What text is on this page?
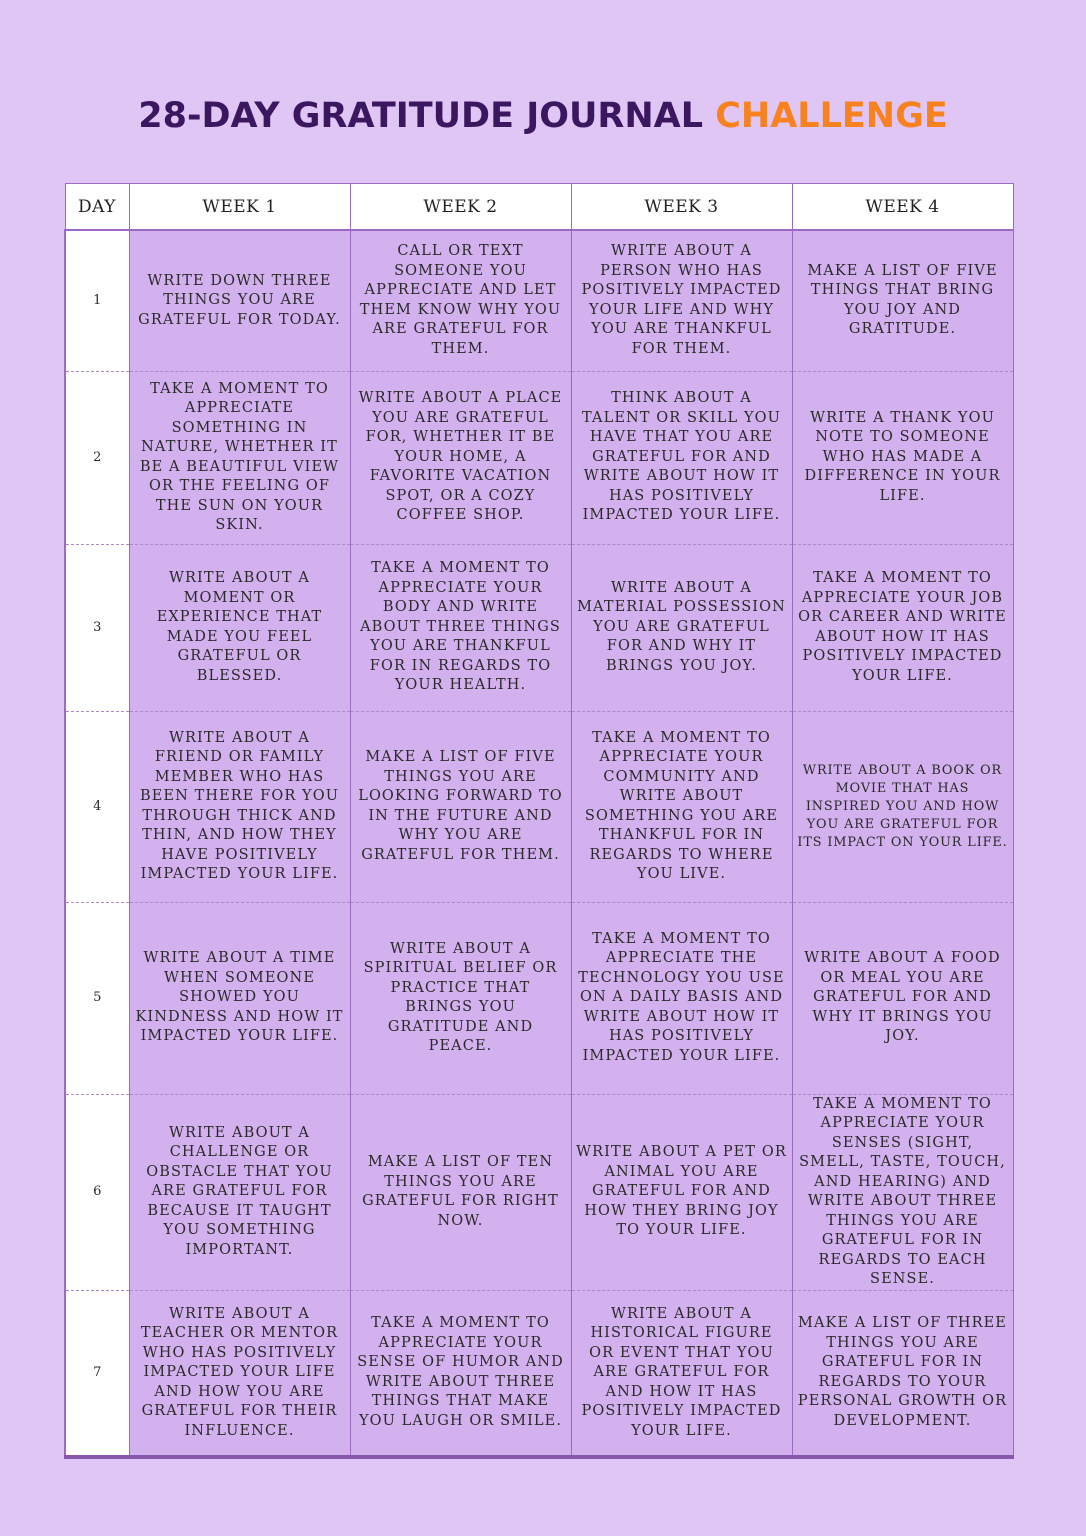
28-DAY GRATITUDE JOURNAL CHALLENGE
DAY	WEEK 1	WEEK 2	WEEK 3	WEEK 4
1	WRITE DOWN THREE THINGS YOU ARE GRATEFUL FOR TODAY.	CALL OR TEXT SOMEONE YOU APPRECIATE AND LET THEM KNOW WHY YOU ARE GRATEFUL FOR THEM.	WRITE ABOUT A PERSON WHO HAS POSITIVELY IMPACTED YOUR LIFE AND WHY YOU ARE THANKFUL FOR THEM.	MAKE A LIST OF FIVE THINGS THAT BRING YOU JOY AND GRATITUDE.
2	TAKE A MOMENT TO APPRECIATE SOMETHING IN NATURE, WHETHER IT BE A BEAUTIFUL VIEW OR THE FEELING OF THE SUN ON YOUR SKIN.	WRITE ABOUT A PLACE YOU ARE GRATEFUL FOR, WHETHER IT BE YOUR HOME, A FAVORITE VACATION SPOT, OR A COZY COFFEE SHOP.	THINK ABOUT A TALENT OR SKILL YOU HAVE THAT YOU ARE GRATEFUL FOR AND WRITE ABOUT HOW IT HAS POSITIVELY IMPACTED YOUR LIFE.	WRITE A THANK YOU NOTE TO SOMEONE WHO HAS MADE A DIFFERENCE IN YOUR LIFE.
3	WRITE ABOUT A MOMENT OR EXPERIENCE THAT MADE YOU FEEL GRATEFUL OR BLESSED.	TAKE A MOMENT TO APPRECIATE YOUR BODY AND WRITE ABOUT THREE THINGS YOU ARE THANKFUL FOR IN REGARDS TO YOUR HEALTH.	WRITE ABOUT A MATERIAL POSSESSION YOU ARE GRATEFUL FOR AND WHY IT BRINGS YOU JOY.	TAKE A MOMENT TO APPRECIATE YOUR JOB OR CAREER AND WRITE ABOUT HOW IT HAS POSITIVELY IMPACTED YOUR LIFE.
4	WRITE ABOUT A FRIEND OR FAMILY MEMBER WHO HAS BEEN THERE FOR YOU THROUGH THICK AND THIN, AND HOW THEY HAVE POSITIVELY IMPACTED YOUR LIFE.	MAKE A LIST OF FIVE THINGS YOU ARE LOOKING FORWARD TO IN THE FUTURE AND WHY YOU ARE GRATEFUL FOR THEM.	TAKE A MOMENT TO APPRECIATE YOUR COMMUNITY AND WRITE ABOUT SOMETHING YOU ARE THANKFUL FOR IN REGARDS TO WHERE YOU LIVE.	WRITE ABOUT A BOOK OR MOVIE THAT HAS INSPIRED YOU AND HOW YOU ARE GRATEFUL FOR ITS IMPACT ON YOUR LIFE.
5	WRITE ABOUT A TIME WHEN SOMEONE SHOWED YOU KINDNESS AND HOW IT IMPACTED YOUR LIFE.	WRITE ABOUT A SPIRITUAL BELIEF OR PRACTICE THAT BRINGS YOU GRATITUDE AND PEACE.	TAKE A MOMENT TO APPRECIATE THE TECHNOLOGY YOU USE ON A DAILY BASIS AND WRITE ABOUT HOW IT HAS POSITIVELY IMPACTED YOUR LIFE.	WRITE ABOUT A FOOD OR MEAL YOU ARE GRATEFUL FOR AND WHY IT BRINGS YOU JOY.
6	WRITE ABOUT A CHALLENGE OR OBSTACLE THAT YOU ARE GRATEFUL FOR BECAUSE IT TAUGHT YOU SOMETHING IMPORTANT.	MAKE A LIST OF TEN THINGS YOU ARE GRATEFUL FOR RIGHT NOW.	WRITE ABOUT A PET OR ANIMAL YOU ARE GRATEFUL FOR AND HOW THEY BRING JOY TO YOUR LIFE.	TAKE A MOMENT TO APPRECIATE YOUR SENSES (SIGHT, SMELL, TASTE, TOUCH, AND HEARING) AND WRITE ABOUT THREE THINGS YOU ARE GRATEFUL FOR IN REGARDS TO EACH SENSE.
7	WRITE ABOUT A TEACHER OR MENTOR WHO HAS POSITIVELY IMPACTED YOUR LIFE AND HOW YOU ARE GRATEFUL FOR THEIR INFLUENCE.	TAKE A MOMENT TO APPRECIATE YOUR SENSE OF HUMOR AND WRITE ABOUT THREE THINGS THAT MAKE YOU LAUGH OR SMILE.	WRITE ABOUT A HISTORICAL FIGURE OR EVENT THAT YOU ARE GRATEFUL FOR AND HOW IT HAS POSITIVELY IMPACTED YOUR LIFE.	MAKE A LIST OF THREE THINGS YOU ARE GRATEFUL FOR IN REGARDS TO YOUR PERSONAL GROWTH OR DEVELOPMENT.
